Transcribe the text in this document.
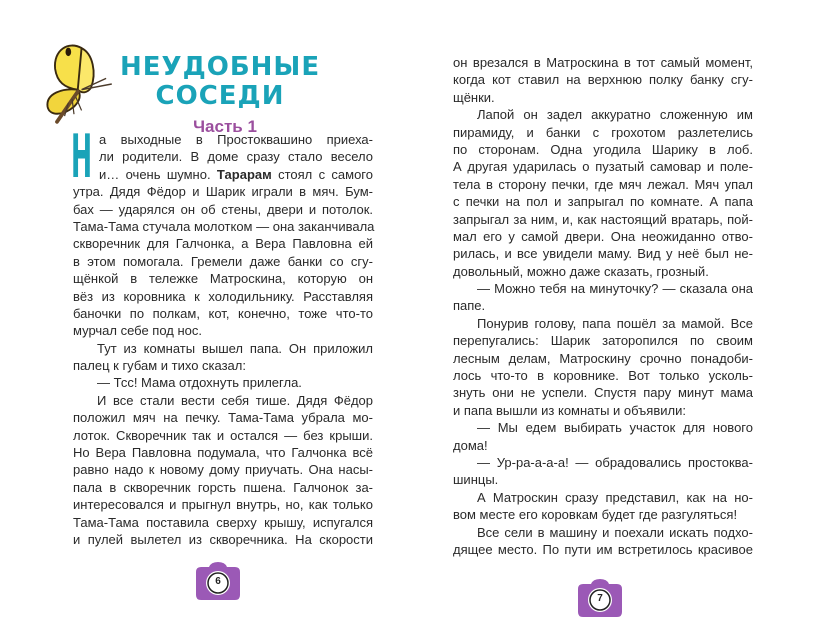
НЕУДОБНЫЕ
СОСЕДИ
Часть 1
Н а выходные в Простоквашино приеха-
ли родители. В доме сразу стало весело
и… очень шумно. Тарарам стоял с самого
утра. Дядя Фёдор и Шарик играли в мяч. Бум-
бах — ударялся он об стены, двери и потолок.
Тама-Тама стучала молотком — она заканчивала
скворечник для Галчонка, а Вера Павловна ей
в этом помогала. Гремели даже банки со сгу-
щёнкой в тележке Матроскина, которую он
вёз из коровника к холодильнику. Расставляя
баночки по полкам, кот, конечно, тоже что-то
мурчал себе под нос.
Тут из комнаты вышел папа. Он приложил
палец к губам и тихо сказал:
— Тсс! Мама отдохнуть прилегла.
И все стали вести себя тише. Дядя Фёдор
положил мяч на печку. Тама-Тама убрала мо-
лоток. Скворечник так и остался — без крыши.
Но Вера Павловна подумала, что Галчонка всё
равно надо к новому дому приучать. Она насы-
пала в скворечник горсть пшена. Галчонок за-
интересовался и прыгнул внутрь, но, как только
Тама-Тама поставила сверху крышу, испугался
и пулей вылетел из скворечника. На скорости
6
он врезался в Матроскина в тот самый момент,
когда кот ставил на верхнюю полку банку сгу-
щёнки.
Лапой он задел аккуратно сложенную им
пирамиду, и банки с грохотом разлетелись
по сторонам. Одна угодила Шарику в лоб.
А другая ударилась о пузатый самовар и поле-
тела в сторону печки, где мяч лежал. Мяч упал
с печки на пол и запрыгал по комнате. А папа
запрыгал за ним, и, как настоящий вратарь, пой-
мал его у самой двери. Она неожиданно отво-
рилась, и все увидели маму. Вид у неё был не-
довольный, можно даже сказать, грозный.
— Можно тебя на минуточку? — сказала она
папе.
Понурив голову, папа пошёл за мамой. Все
перепугались: Шарик заторопился по своим
лесным делам, Матроскину срочно понадоби-
лось что-то в коровнике. Вот только усколь-
знуть они не успели. Спустя пару минут мама
и папа вышли из комнаты и объявили:
— Мы едем выбирать участок для нового
дома!
— Ур-ра-а-а-а! — обрадовались простоква-
шинцы.
А Матроскин сразу представил, как на но-
вом месте его коровкам будет где разгуляться!
Все сели в машину и поехали искать подхо-
дящее место. По пути им встретилось красивое
7
